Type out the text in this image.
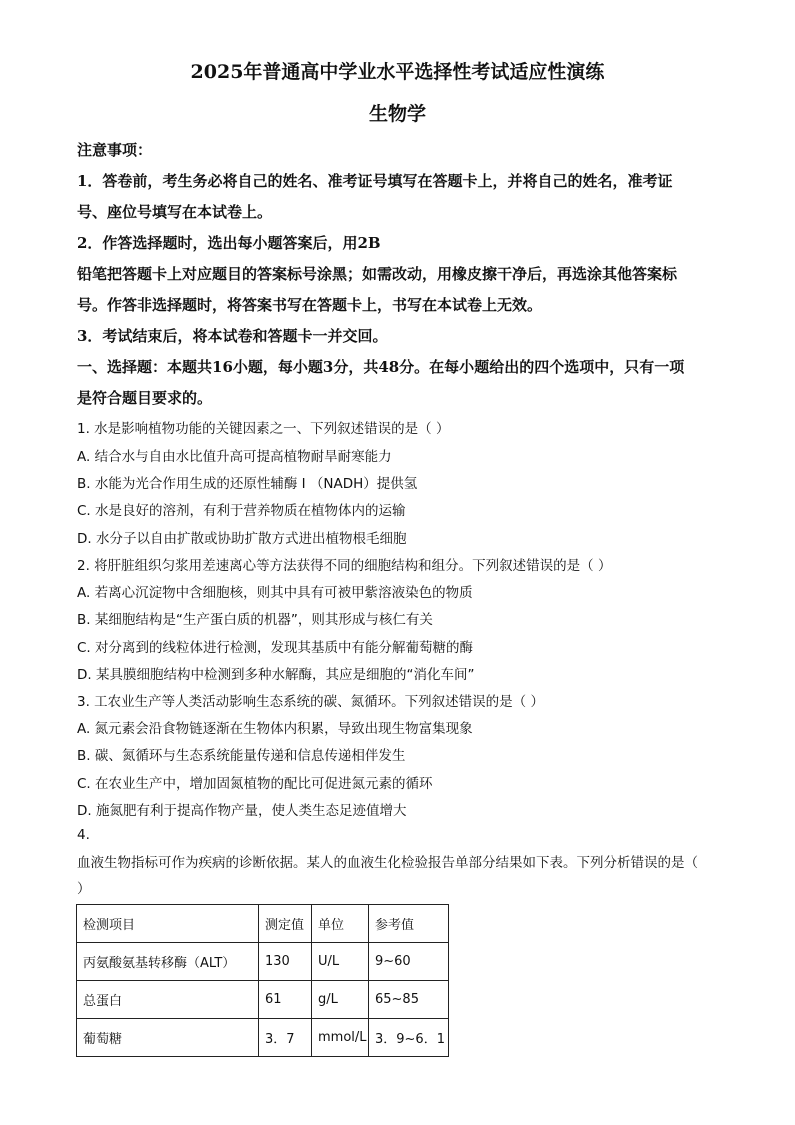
2025年普通高中学业水平选择性考试适应性演练
生物学
注意事项：
1．答卷前，考生务必将自己的姓名、准考证号填写在答题卡上，并将自己的姓名，准考证
号、座位号填写在本试卷上。
2．作答选择题时，选出每小题答案后，用2B
铅笔把答题卡上对应题目的答案标号涂黑；如需改动，用橡皮擦干净后，再选涂其他答案标
号。作答非选择题时，将答案书写在答题卡上，书写在本试卷上无效。
3．考试结束后，将本试卷和答题卡一并交回。
一、选择题：本题共16小题，每小题3分，共48分。在每小题给出的四个选项中，只有一项
是符合题目要求的。
1. 水是影响植物功能的关键因素之一、下列叙述错误的是（ ）
A. 结合水与自由水比值升高可提高植物耐旱耐寒能力
B. 水能为光合作用生成的还原性辅酶 I （NADH）提供氢
C. 水是良好的溶剂，有利于营养物质在植物体内的运输
D. 水分子以自由扩散或协助扩散方式进出植物根毛细胞
2. 将肝脏组织匀浆用差速离心等方法获得不同的细胞结构和组分。下列叙述错误的是（ ）
A. 若离心沉淀物中含细胞核，则其中具有可被甲紫溶液染色的物质
B. 某细胞结构是“生产蛋白质的机器”，则其形成与核仁有关
C. 对分离到的线粒体进行检测，发现其基质中有能分解葡萄糖的酶
D. 某具膜细胞结构中检测到多种水解酶，其应是细胞的“消化车间”
3. 工农业生产等人类活动影响生态系统的碳、氮循环。下列叙述错误的是（ ）
A. 氮元素会沿食物链逐渐在生物体内积累，导致出现生物富集现象
B. 碳、氮循环与生态系统能量传递和信息传递相伴发生
C. 在农业生产中，增加固氮植物的配比可促进氮元素的循环
D. 施氮肥有利于提高作物产量，使人类生态足迹值增大
4.
血液生物指标可作为疾病的诊断依据。某人的血液生化检验报告单部分结果如下表。下列分析错误的是（
）
检测项目	测定值	单位	参考值
丙氨酸氨基转移酶（ALT）	130	U/L	9~60
总蛋白	61	g/L	65~85
葡萄糖	3．7	mmol/L	3．9~6．1
